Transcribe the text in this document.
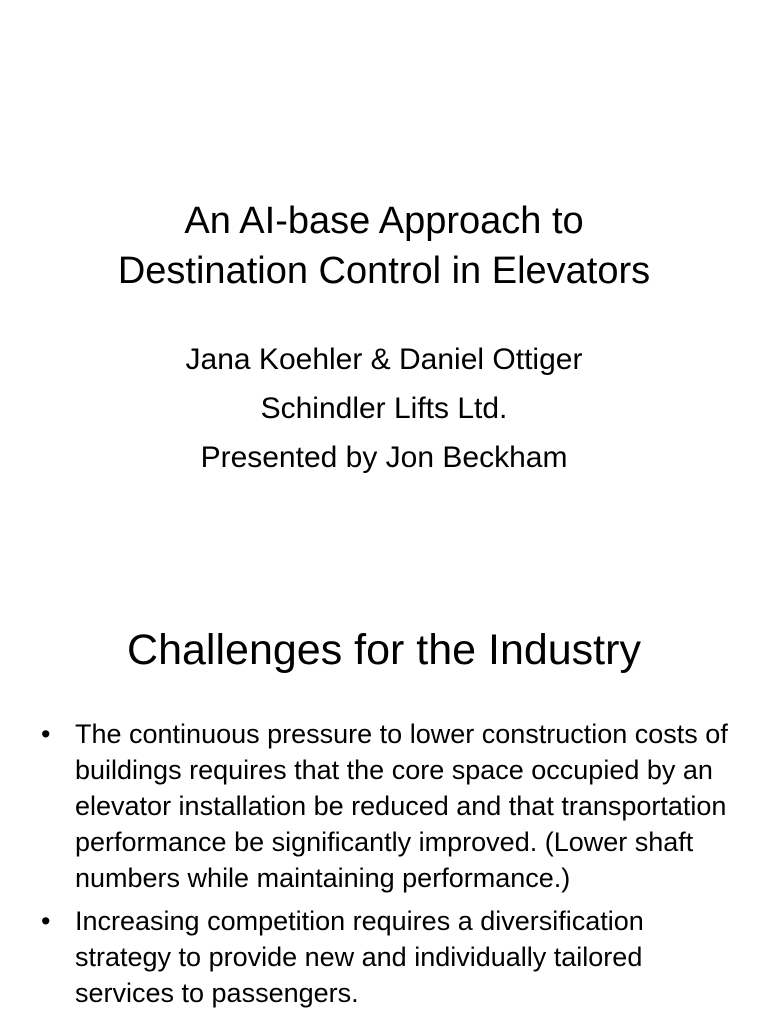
An AI-base Approach to
Destination Control in Elevators
Jana Koehler & Daniel Ottiger
Schindler Lifts Ltd.
Presented by Jon Beckham
Challenges for the Industry
• The continuous pressure to lower construction costs of buildings requires that the core space occupied by an elevator installation be reduced and that transportation performance be significantly improved. (Lower shaft numbers while maintaining performance.)
• Increasing competition requires a diversification strategy to provide new and individually tailored services to passengers.
